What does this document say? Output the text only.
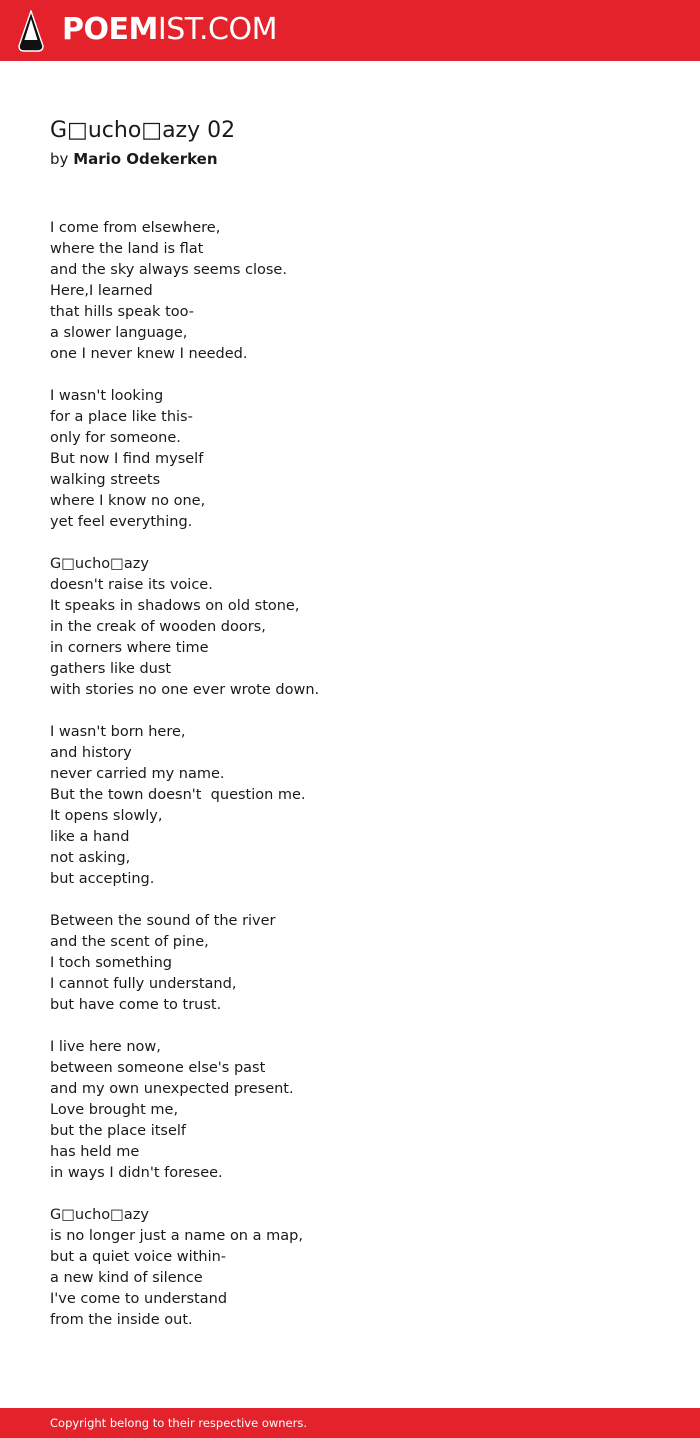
POEMIST.COM
G□ucho□azy 02
by Mario Odekerken
I come from elsewhere,
where the land is flat
and the sky always seems close.
Here,I learned
that hills speak too-
a slower language,
one I never knew I needed.
I wasn't looking
for a place like this-
only for someone.
But now I find myself
walking streets
where I know no one,
yet feel everything.
G□ucho□azy
doesn't raise its voice.
It speaks in shadows on old stone,
in the creak of wooden doors,
in corners where time
gathers like dust
with stories no one ever wrote down.
I wasn't born here,
and history
never carried my name.
But the town doesn't  question me.
It opens slowly,
like a hand
not asking,
but accepting.
Between the sound of the river
and the scent of pine,
I toch something
I cannot fully understand,
but have come to trust.
I live here now,
between someone else's past
and my own unexpected present.
Love brought me,
but the place itself
has held me
in ways I didn't foresee.
G□ucho□azy
is no longer just a name on a map,
but a quiet voice within-
a new kind of silence
I've come to understand
from the inside out.
Copyright belong to their respective owners.
